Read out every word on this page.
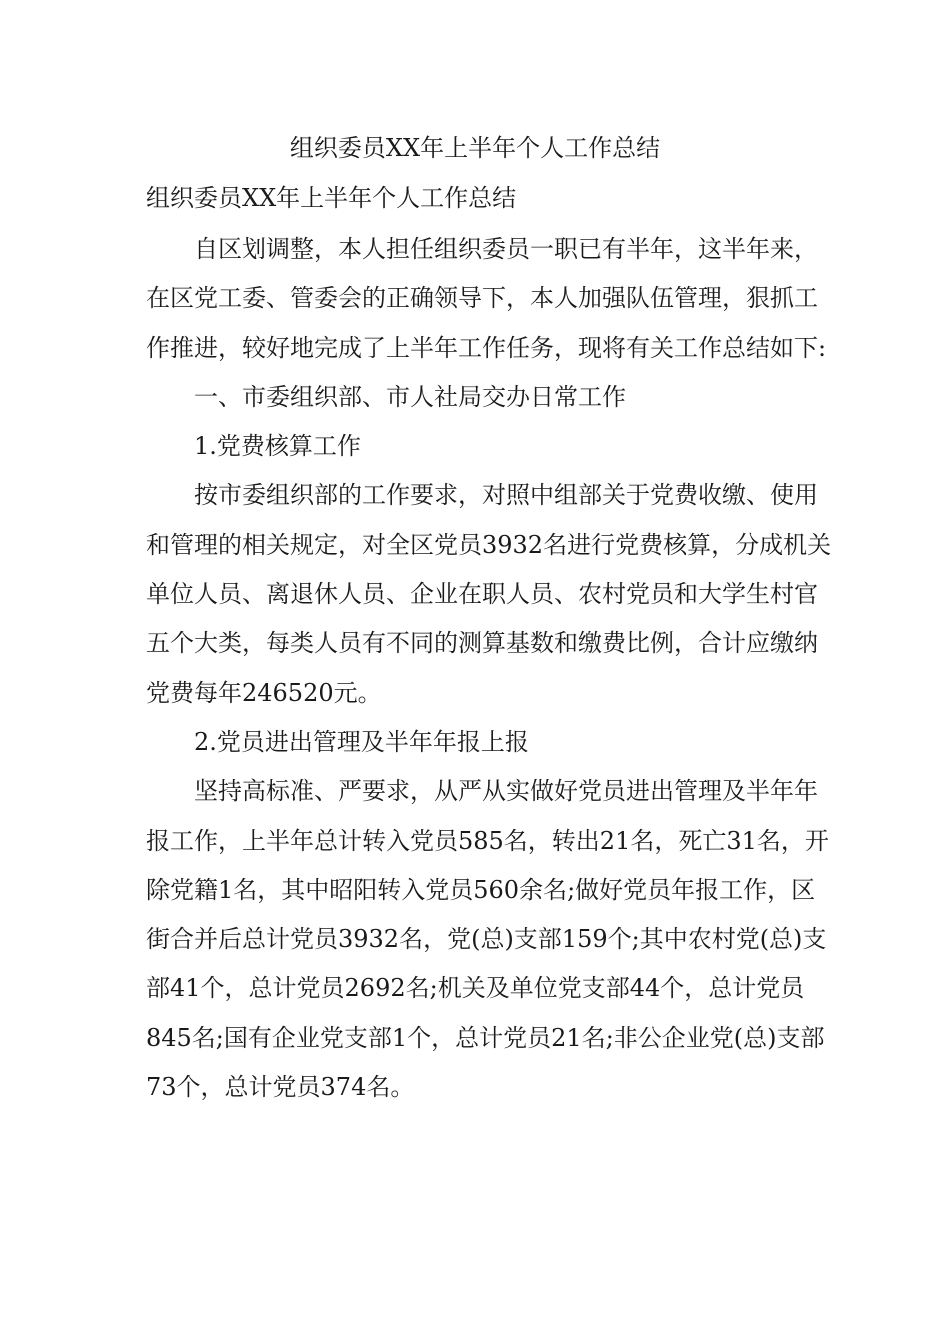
组织委员XX年上半年个人工作总结
组织委员XX年上半年个人工作总结

自区划调整，本人担任组织委员一职已有半年，这半年来，在区党工委、管委会的正确领导下，本人加强队伍管理，狠抓工作推进，较好地完成了上半年工作任务，现将有关工作总结如下:

一、市委组织部、市人社局交办日常工作

1.党费核算工作

按市委组织部的工作要求，对照中组部关于党费收缴、使用和管理的相关规定，对全区党员3932名进行党费核算，分成机关单位人员、离退休人员、企业在职人员、农村党员和大学生村官五个大类，每类人员有不同的测算基数和缴费比例，合计应缴纳党费每年246520元。

2.党员进出管理及半年年报上报

坚持高标准、严要求，从严从实做好党员进出管理及半年年报工作，上半年总计转入党员585名，转出21名，死亡31名，开除党籍1名，其中昭阳转入党员560余名;做好党员年报工作，区街合并后总计党员3932名，党(总)支部159个;其中农村党(总)支部41个，总计党员2692名;机关及单位党支部44个，总计党员845名;国有企业党支部1个，总计党员21名;非公企业党(总)支部73个，总计党员374名。
